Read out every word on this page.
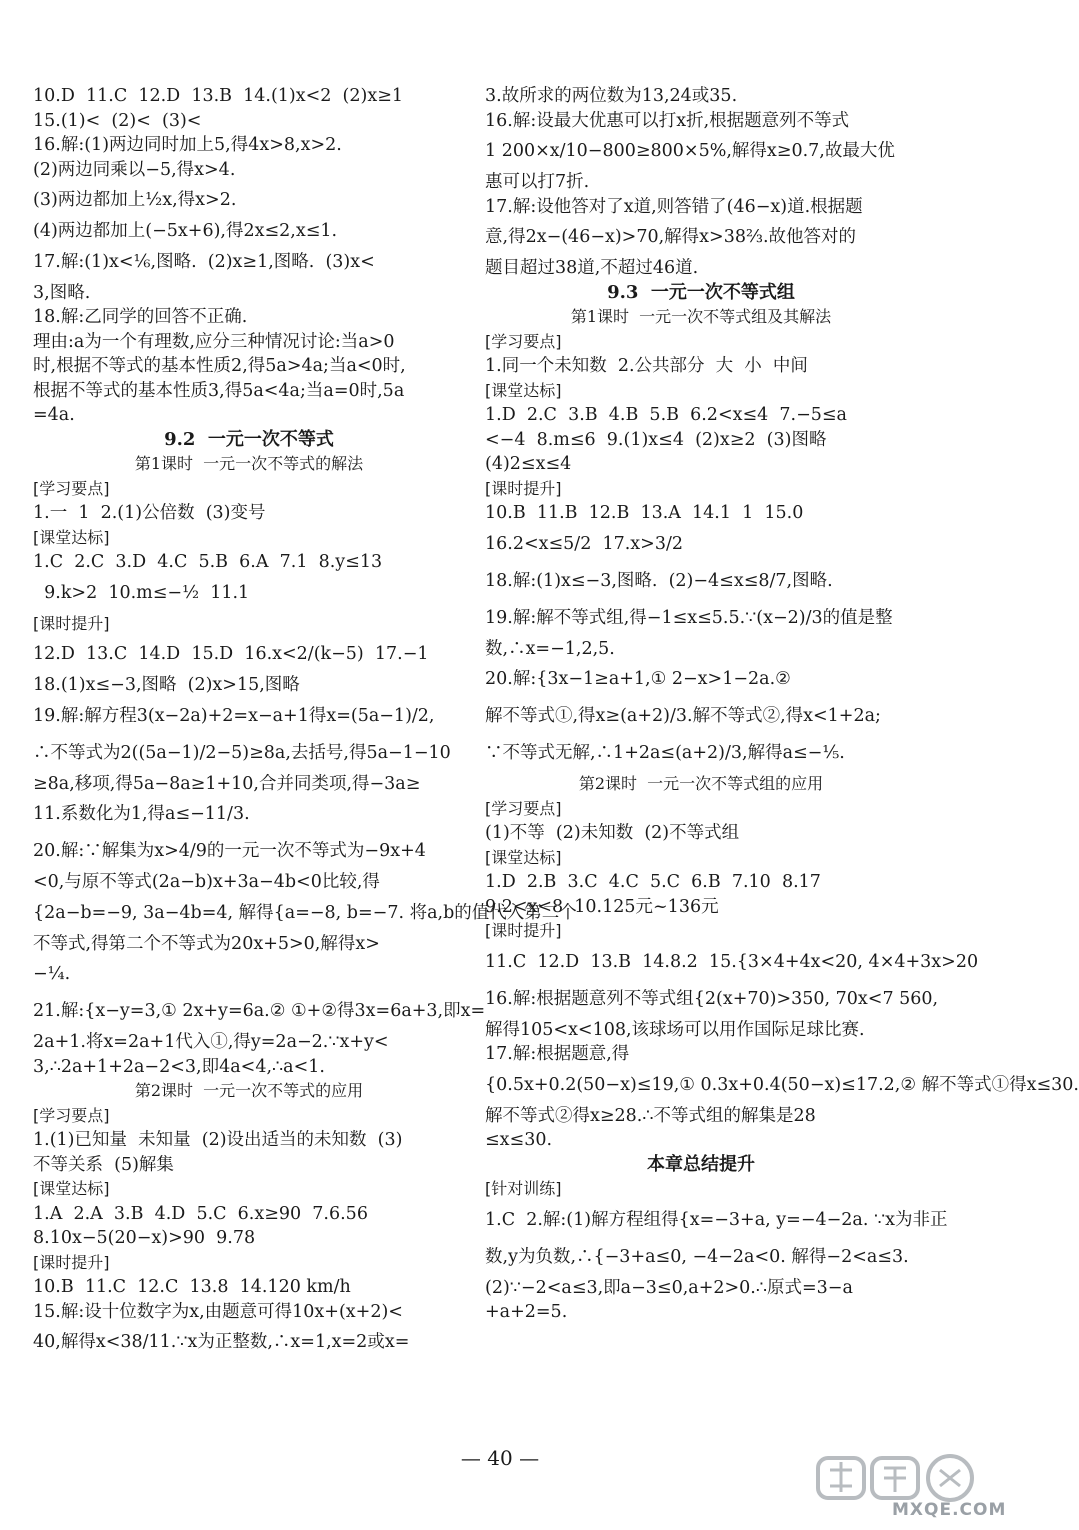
10.D  11.C  12.D  13.B  14.(1)x<2  (2)x≥1
15.(1)<  (2)<  (3)<
16.解:(1)两边同时加上5,得4x>8,x>2.
(2)两边同乘以−5,得x>4.
(3)两边都加上½x,得x>2.
(4)两边都加上(−5x+6),得2x≤2,x≤1.
17.解:(1)x<⅙,图略.  (2)x≥1,图略.  (3)x<
3,图略.
18.解:乙同学的回答不正确.
理由:a为一个有理数,应分三种情况讨论:当a>0
时,根据不等式的基本性质2,得5a>4a;当a<0时,
根据不等式的基本性质3,得5a<4a;当a=0时,5a
=4a.
9.2  一元一次不等式
第1课时  一元一次不等式的解法
[学习要点]
1.一  1  2.(1)公倍数  (3)变号
[课堂达标]
1.C  2.C  3.D  4.C  5.B  6.A  7.1  8.y≤13
9.k>2  10.m≤−½  11.1
[课时提升]
12.D  13.C  14.D  15.D  16.x<2/(k−5)  17.−1
18.(1)x≤−3,图略  (2)x>15,图略
19.解:解方程3(x−2a)+2=x−a+1得x=(5a−1)/2,
∴不等式为2((5a−1)/2−5)≥8a,去括号,得5a−1−10
≥8a,移项,得5a−8a≥1+10,合并同类项,得−3a≥
11.系数化为1,得a≤−11/3.
20.解:∵解集为x>4/9的一元一次不等式为−9x+4
<0,与原不等式(2a−b)x+3a−4b<0比较,得
{2a−b=−9, 3a−4b=4, 解得{a=−8, b=−7. 将a,b的值代入第二个
不等式,得第二个不等式为20x+5>0,解得x>
−¼.
21.解:{x−y=3,① 2x+y=6a.② ①+②得3x=6a+3,即x=
2a+1.将x=2a+1代入①,得y=2a−2.∵x+y<
3,∴2a+1+2a−2<3,即4a<4,∴a<1.
第2课时  一元一次不等式的应用
[学习要点]
1.(1)已知量  未知量  (2)设出适当的未知数  (3)
不等关系  (5)解集
[课堂达标]
1.A  2.A  3.B  4.D  5.C  6.x≥90  7.6.56
8.10x−5(20−x)>90  9.78
[课时提升]
10.B  11.C  12.C  13.8  14.120 km/h
15.解:设十位数字为x,由题意可得10x+(x+2)<
40,解得x<38/11.∵x为正整数,∴x=1,x=2或x=
3.故所求的两位数为13,24或35.
16.解:设最大优惠可以打x折,根据题意列不等式
1 200×x/10−800≥800×5%,解得x≥0.7,故最大优
惠可以打7折.
17.解:设他答对了x道,则答错了(46−x)道.根据题
意,得2x−(46−x)>70,解得x>38⅔.故他答对的
题目超过38道,不超过46道.
9.3  一元一次不等式组
第1课时  一元一次不等式组及其解法
[学习要点]
1.同一个未知数  2.公共部分  大  小  中间
[课堂达标]
1.D  2.C  3.B  4.B  5.B  6.2<x≤4  7.−5≤a
<−4  8.m≤6  9.(1)x≤4  (2)x≥2  (3)图略
(4)2≤x≤4
[课时提升]
10.B  11.B  12.B  13.A  14.1  1  15.0
16.2<x≤5/2  17.x>3/2
18.解:(1)x≤−3,图略.  (2)−4≤x≤8/7,图略.
19.解:解不等式组,得−1≤x≤5.5.∵(x−2)/3的值是整
数,∴x=−1,2,5.
20.解:{3x−1≥a+1,① 2−x>1−2a.②
解不等式①,得x≥(a+2)/3.解不等式②,得x<1+2a;
∵不等式无解,∴1+2a≤(a+2)/3,解得a≤−⅕.
第2课时  一元一次不等式组的应用
[学习要点]
(1)不等  (2)未知数  (2)不等式组
[课堂达标]
1.D  2.B  3.C  4.C  5.C  6.B  7.10  8.17
9.2<x<8  10.125元~136元
[课时提升]
11.C  12.D  13.B  14.8.2  15.{3×4+4x<20, 4×4+3x>20
16.解:根据题意列不等式组{2(x+70)>350, 70x<7 560,
解得105<x<108,该球场可以用作国际足球比赛.
17.解:根据题意,得
{0.5x+0.2(50−x)≤19,① 0.3x+0.4(50−x)≤17.2,② 解不等式①得x≤30.
解不等式②得x≥28.∴不等式组的解集是28
≤x≤30.
本章总结提升
[针对训练]
1.C  2.解:(1)解方程组得{x=−3+a, y=−4−2a. ∵x为非正
数,y为负数,∴{−3+a≤0, −4−2a<0. 解得−2<a≤3.
(2)∵−2<a≤3,即a−3≤0,a+2>0.∴原式=3−a
+a+2=5.
— 40 —
MXQE.COM
